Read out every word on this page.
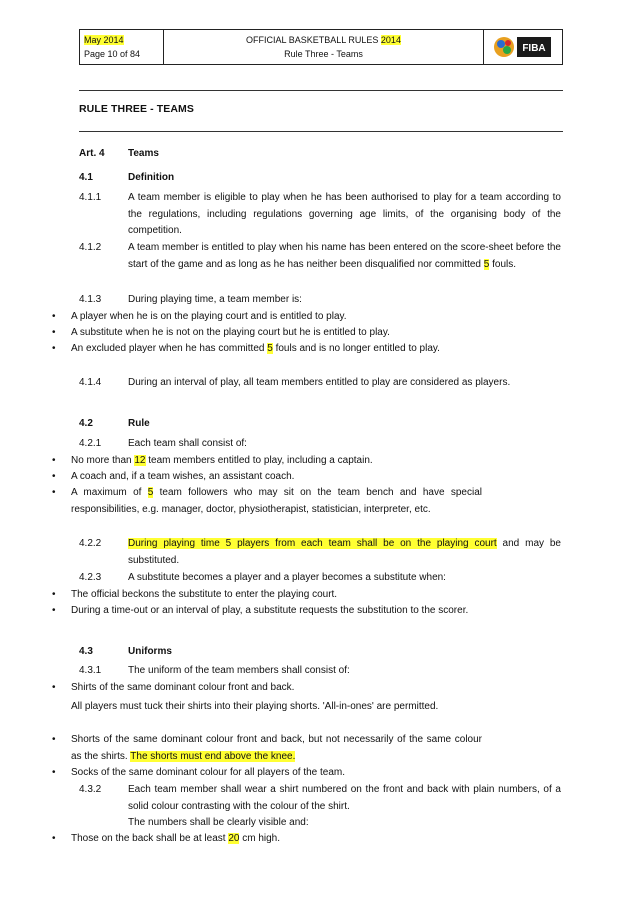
May 2014
Page 10 of 84
OFFICIAL BASKETBALL RULES 2014
Rule Three - Teams	FIBA
RULE THREE - TEAMS
Art. 4	Teams
4.1	Definition
4.1.1	A team member is eligible to play when he has been authorised to play for a team according to the regulations, including regulations governing age limits, of the organising body of the competition.
4.1.2	A team member is entitled to play when his name has been entered on the score-sheet before the start of the game and as long as he has neither been disqualified nor committed 5 fouls.
4.1.3	During playing time, a team member is:
• A player when he is on the playing court and is entitled to play.
• A substitute when he is not on the playing court but he is entitled to play.
• An excluded player when he has committed 5 fouls and is no longer entitled to play.
4.1.4	During an interval of play, all team members entitled to play are considered as players.
4.2	Rule
4.2.1	Each team shall consist of:
• No more than 12 team members entitled to play, including a captain.
• A coach and, if a team wishes, an assistant coach.
• A maximum of 5 team followers who may sit on the team bench and have special responsibilities, e.g. manager, doctor, physiotherapist, statistician, interpreter, etc.
4.2.2	During playing time 5 players from each team shall be on the playing court and may be substituted.
4.2.3	A substitute becomes a player and a player becomes a substitute when:
• The official beckons the substitute to enter the playing court.
• During a time-out or an interval of play, a substitute requests the substitution to the scorer.
4.3	Uniforms
4.3.1	The uniform of the team members shall consist of:
• Shirts of the same dominant colour front and back.
All players must tuck their shirts into their playing shorts. 'All-in-ones' are permitted.
• Shorts of the same dominant colour front and back, but not necessarily of the same colour as the shirts. The shorts must end above the knee.
• Socks of the same dominant colour for all players of the team.
4.3.2	Each team member shall wear a shirt numbered on the front and back with plain numbers, of a solid colour contrasting with the colour of the shirt.
The numbers shall be clearly visible and:
• Those on the back shall be at least 20 cm high.
